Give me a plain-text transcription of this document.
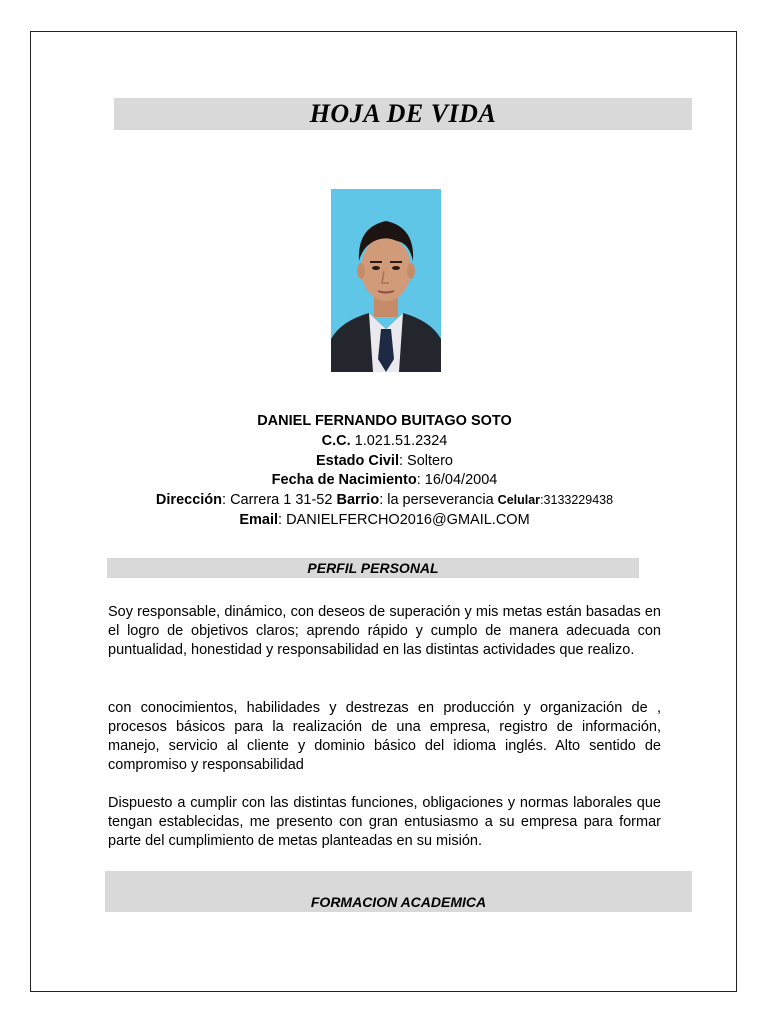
HOJA DE VIDA
DANIEL FERNANDO BUITAGO SOTO
C.C. 1.021.51.2324
Estado Civil: Soltero
Fecha de Nacimiento: 16/04/2004
Dirección: Carrera 1 31-52 Barrio: la perseverancia Celular:3133229438
Email: DANIELFERCHO2016@GMAIL.COM
PERFIL PERSONAL
Soy responsable, dinámico, con deseos de superación y mis metas están basadas en el logro de objetivos claros; aprendo rápido y cumplo de manera adecuada con puntualidad, honestidad y responsabilidad en las distintas actividades que realizo.
con conocimientos, habilidades y destrezas en producción y organización de , procesos básicos para la realización de una empresa, registro de información, manejo, servicio al cliente y dominio básico del idioma inglés. Alto sentido de compromiso y responsabilidad
Dispuesto a cumplir con las distintas funciones, obligaciones y normas laborales que tengan establecidas, me presento con gran entusiasmo a su empresa para formar parte del cumplimiento de metas planteadas en su misión.
FORMACION ACADEMICA
